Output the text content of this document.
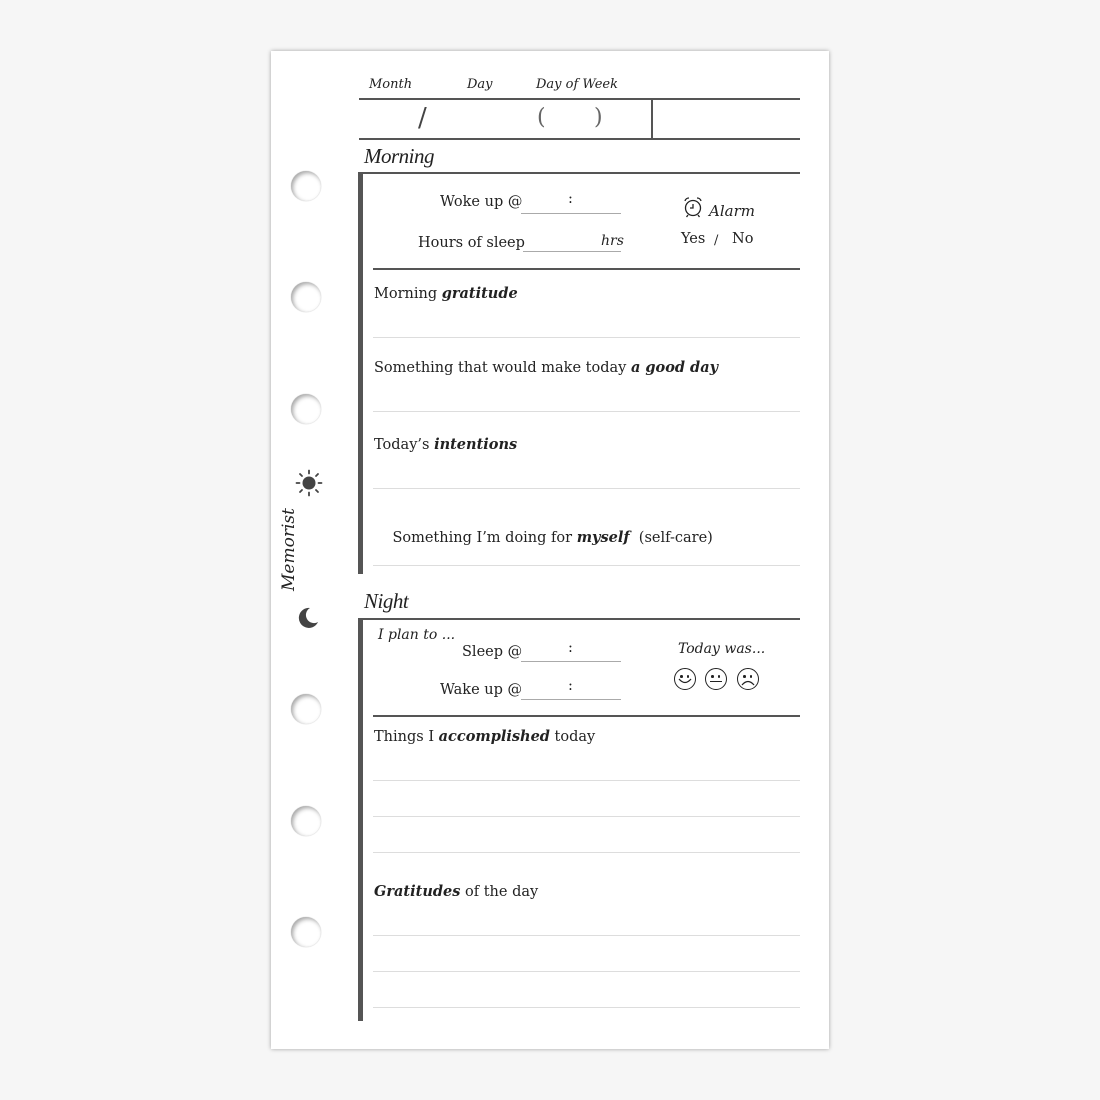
Memorist
Month	Day	Day of Week
/	( )
Morning
Woke up @	:
Hours of sleep	hrs
Alarm
Yes / No
Morning gratitude
Something that would make today a good day
Today’s intentions

Something I’m doing for myself  (self-care)

Night
I plan to ...
Sleep @	:
Wake up @	:
Today was...
Things I accomplished today
Gratitudes of the day
